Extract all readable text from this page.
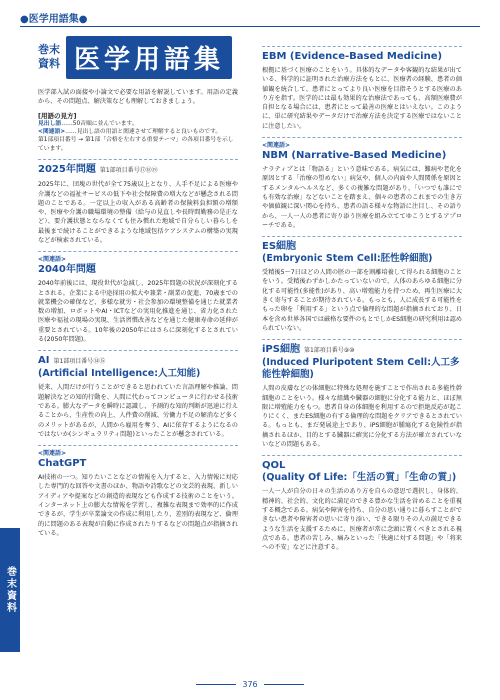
●医学用語集●
巻末
資料 医学用語集

医学部入試の面接や小論文で必要な用語を解説しています。用語の定義から、その問題点、解決策なども理解しておきましょう。

[用語の見方]
見出し語……50音順に並んでいます。
<関連語>……見出し語の用語と関連させて理解すると良いものです。
第1部項目番号 → 第1部「合格を左右する重要テーマ」の各項目番号を示しています。
2025年問題 第1部項目番号⑰⑱⑲

2025年に、団塊の世代が全て75歳以上となり、人手不足による医療や介護などの福祉サービスの低下や社会保障費の増大などが懸念される問題のことである。一定以上の収入がある高齢者の保険料負担額の増額や、医療や介護の職場環境の整備（給与の見直しや長時間勤務の是正など）、要介護状態とならなくても住み慣れた地域で自分らしい暮らしを最後まで続けることができるような地域包括ケアシステムの構築の実現などが検索されている。

<関連語>
2040年問題

2040年前後には、現役世代が急減し、2025年問題の状況が深刻化するとされる。企業による中途採用の拡大や兼業・副業の促進、70歳までの就業機会の確保など、多様な就労・社会参加の環境整備を通じた就業者数の増加、ロボットやAI・ICTなどの実用化推進を通じ、省力化された医療や福祉の現場の実現、生活習慣改善などを通じた健康寿命の延伸が重要とされている。10年後の2050年にはさらに深刻化するとされている(2050年問題)。

AI 第1部項目番号⑭⑮
(Artificial Intelligence:人工知能)

従来、人間だけが行うことができると思われていた言語理解や推論、問題解決などの知的行動を、人間に代わってコンピュータに行わせる技術である。膨大なデータを瞬時に認識し、予測的な知的判断が迅速に行えることから、生産性の向上、人件費の削減、労働力不足の解消など多くのメリットがあるが、人間から雇用を奪う、AIに依存するようになるのではないか(シンギュラリティ問題)といったことが懸念されている。

<関連語>
ChatGPT

AI技術の一つ。知りたいことなどの情報を入力すると、入力情報に対応した専門的な回答や文書のほか、物語や詩歌などの文芸的表現、新しいアイディアや提案などの創造的表現なども作成する技術のことをいう。インターネット上の膨大な情報を学習し、複雑な表現まで効率的に作成できるが、学生が卒業論文の作成に利用したり、差別的表現など、倫理的に問題のある表現が自動に作成されたりするなどの問題点が指摘されている。

EBM (Evidence-Based Medicine)

根拠に基づく医療のことをいう。具体的なデータや客観的な結果が出ている、科学的に証明された治療方法をもとに、医療者の経験、患者の価値観を統合して、患者にとってより良い医療を目指そうとする医療のあり方を指す。医学的には最も効果的な治療法であっても、高額医療費が自担となる場合には、患者にとって最善の医療とはいえない。このように、単に研究結果やデータだけで治療方法を決定する医療ではないことに注意したい。

<関連語>
NBM (Narrative-Based Medicine)

ナラティブとは「物語る」という意味である。病気には、難病や老化を原因とする「治療の望めない」病気や、個人の内面や人間関係を原因とするメンタルヘルスなど、多くの複雑な問題があり、「いつでも誰にでも有効な治療」などないことを踏まえ、個々の患者のこれまでの生き方や価値観に深い関心を持ち、患者の語る様々な物語に注目し、その語りから、一人一人の患者に寄り添う医療を組み立ててゆこうとするアプローチである。

ES細胞
(Embryonic Stem Cell:胚性幹細胞)

受精後5〜7日ほどの人間の胚の一部を割離培養して得られる細胞のことをいう。受精後わずかしかたっていないので、人体のあらゆる細胞に分化する可能性(多能性)があり、高い増殖能力を持つため、再生医療に大きく寄与することが期待されている。もっとも、人に成長する可能性をもった卵を「利用する」という点で倫理的な問題が指摘されており、日本を含め世界各国では厳格な要件のもとでしかES細胞の研究利用は認められていない。

iPS細胞 第1部項目番号⑨⑩
(Induced Pluripotent Stem Cell:人工多能性幹細胞)

人間の皮膚などの体細胞に特殊な処理を施すことで作出される多能性幹細胞のことをいう。様々な組織や臓器の細胞に分化する能力と、ほぼ無限に増殖能力をもつ。患者自身の体細胞を利用するので拒絶反応が起こりにくく、またES細胞の有する倫理的な問題をクリアできるとされている。もっとも、まだ発展途上であり、iPS細胞が腫瘍化する危険性が指摘されるほか、目的とする臓器に確実に分化する方法が確立されていないなどの問題もある。

QOL
(Quality Of Life:「生活の質」「生命の質」)

一人一人が自分の日々の生活のあり方を自らの意思で選択し、身体的、精神的、社会的、文化的に満足のできる豊かな生活を営めることを重視する概念である。病気や障害を持ち、自分の思い通りに暮らすことができない患者や障害者の思いに寄り添い、できる限りその人の満足できるような生活を支援するために、医療者が常に念頭に置くべきとされる視点である。患者の苦しみ、痛みといった「快適に対する問題」や「将来への不安」などに注意する。

巻末資料
376
